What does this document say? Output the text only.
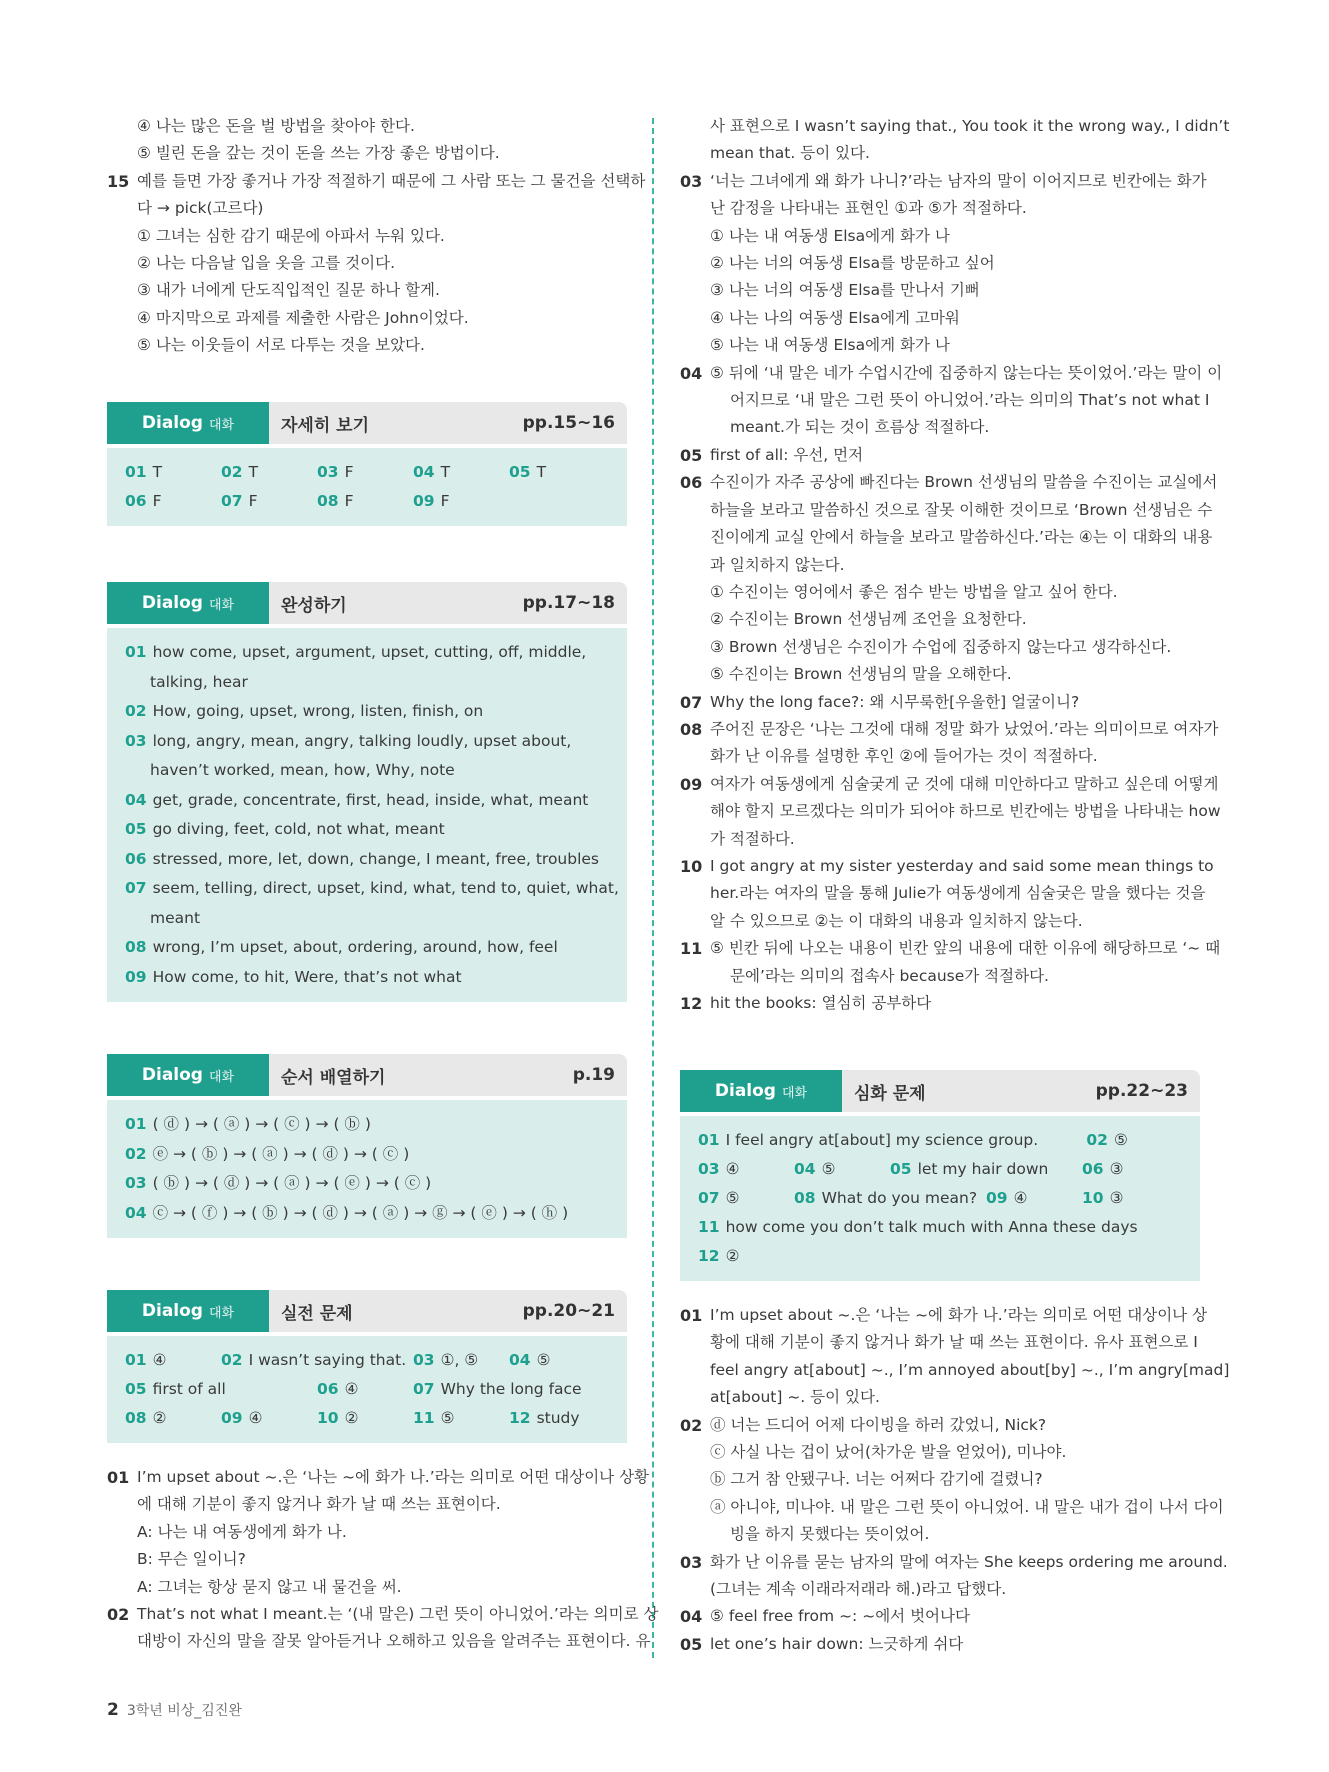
④ 나는 많은 돈을 벌 방법을 찾아야 한다.
⑤ 빌린 돈을 갚는 것이 돈을 쓰는 가장 좋은 방법이다.
15 예를 들면 가장 좋거나 가장 적절하기 때문에 그 사람 또는 그 물건을 선택하
다 → pick(고르다)
① 그녀는 심한 감기 때문에 아파서 누워 있다.
② 나는 다음날 입을 옷을 고를 것이다.
③ 내가 너에게 단도직입적인 질문 하나 할게.
④ 마지막으로 과제를 제출한 사람은 John이었다.
⑤ 나는 이웃들이 서로 다투는 것을 보았다.
Dialog 대화	자세히 보기	pp.15~16
01 T	02 T	03 F	04 T	05 T
06 F	07 F	08 F	09 F
Dialog 대화	완성하기	pp.17~18
01 how come, upset, argument, upset, cutting, off, middle,
talking, hear
02 How, going, upset, wrong, listen, finish, on
03 long, angry, mean, angry, talking loudly, upset about,
haven’t worked, mean, how, Why, note
04 get, grade, concentrate, first, head, inside, what, meant
05 go diving, feet, cold, not what, meant
06 stressed, more, let, down, change, I meant, free, troubles
07 seem, telling, direct, upset, kind, what, tend to, quiet, what,
meant
08 wrong, I’m upset, about, ordering, around, how, feel
09 How come, to hit, Were, that’s not what
Dialog 대화	순서 배열하기	p.19
01 ( ⓓ ) → ( ⓐ ) → ( ⓒ ) → ( ⓑ )
02 ⓔ → ( ⓑ ) → ( ⓐ ) → ( ⓓ ) → ( ⓒ )
03 ( ⓑ ) → ( ⓓ ) → ( ⓐ ) → ( ⓔ ) → ( ⓒ )
04 ⓒ → ( ⓕ ) → ( ⓑ ) → ( ⓓ ) → ( ⓐ ) → ⓖ → ( ⓔ ) → ( ⓗ )
Dialog 대화	실전 문제	pp.20~21
01 ④	02 I wasn’t saying that. 03 ①, ⑤	04 ⑤
05 first of all	06 ④	07 Why the long face
08 ②	09 ④	10 ②	11 ⑤	12 study
01 I’m upset about ~.은 ‘나는 ~에 화가 나.’라는 의미로 어떤 대상이나 상황
에 대해 기분이 좋지 않거나 화가 날 때 쓰는 표현이다.
A: 나는 내 여동생에게 화가 나.
B: 무슨 일이니?
A: 그녀는 항상 묻지 않고 내 물건을 써.
02 That’s not what I meant.는 ‘(내 말은) 그런 뜻이 아니었어.’라는 의미로 상
대방이 자신의 말을 잘못 알아듣거나 오해하고 있음을 알려주는 표현이다. 유
사 표현으로 I wasn’t saying that., You took it the wrong way., I didn’t
mean that. 등이 있다.
03 ‘너는 그녀에게 왜 화가 나니?’라는 남자의 말이 이어지므로 빈칸에는 화가
난 감정을 나타내는 표현인 ①과 ⑤가 적절하다.
① 나는 내 여동생 Elsa에게 화가 나
② 나는 너의 여동생 Elsa를 방문하고 싶어
③ 나는 너의 여동생 Elsa를 만나서 기뻐
④ 나는 나의 여동생 Elsa에게 고마워
⑤ 나는 내 여동생 Elsa에게 화가 나
04 ⑤ 뒤에 ‘내 말은 네가 수업시간에 집중하지 않는다는 뜻이었어.’라는 말이 이
어지므로 ‘내 말은 그런 뜻이 아니었어.’라는 의미의 That’s not what I
meant.가 되는 것이 흐름상 적절하다.
05 first of all: 우선, 먼저
06 수진이가 자주 공상에 빠진다는 Brown 선생님의 말씀을 수진이는 교실에서
하늘을 보라고 말씀하신 것으로 잘못 이해한 것이므로 ‘Brown 선생님은 수
진이에게 교실 안에서 하늘을 보라고 말씀하신다.’라는 ④는 이 대화의 내용
과 일치하지 않는다.
① 수진이는 영어에서 좋은 점수 받는 방법을 알고 싶어 한다.
② 수진이는 Brown 선생님께 조언을 요청한다.
③ Brown 선생님은 수진이가 수업에 집중하지 않는다고 생각하신다.
⑤ 수진이는 Brown 선생님의 말을 오해한다.
07 Why the long face?: 왜 시무룩한[우울한] 얼굴이니?
08 주어진 문장은 ‘나는 그것에 대해 정말 화가 났었어.’라는 의미이므로 여자가
화가 난 이유를 설명한 후인 ②에 들어가는 것이 적절하다.
09 여자가 여동생에게 심술궂게 군 것에 대해 미안하다고 말하고 싶은데 어떻게
해야 할지 모르겠다는 의미가 되어야 하므로 빈칸에는 방법을 나타내는 how
가 적절하다.
10 I got angry at my sister yesterday and said some mean things to
her.라는 여자의 말을 통해 Julie가 여동생에게 심술궂은 말을 했다는 것을
알 수 있으므로 ②는 이 대화의 내용과 일치하지 않는다.
11 ⑤ 빈칸 뒤에 나오는 내용이 빈칸 앞의 내용에 대한 이유에 해당하므로 ‘~ 때
문에’라는 의미의 접속사 because가 적절하다.
12 hit the books: 열심히 공부하다
Dialog 대화	심화 문제	pp.22~23
01 I feel angry at[about] my science group.	02 ⑤
03 ④	04 ⑤	05 let my hair down	06 ③
07 ⑤	08 What do you mean? 09 ④	10 ③
11 how come you don’t talk much with Anna these days
12 ②
01 I’m upset about ~.은 ‘나는 ~에 화가 나.’라는 의미로 어떤 대상이나 상
황에 대해 기분이 좋지 않거나 화가 날 때 쓰는 표현이다. 유사 표현으로 I
feel angry at[about] ~., I’m annoyed about[by] ~., I’m angry[mad]
at[about] ~. 등이 있다.
02 ⓓ 너는 드디어 어제 다이빙을 하러 갔었니, Nick?
ⓒ 사실 나는 겁이 났어(차가운 발을 얻었어), 미나야.
ⓑ 그거 참 안됐구나. 너는 어쩌다 감기에 걸렸니?
ⓐ 아니야, 미나야. 내 말은 그런 뜻이 아니었어. 내 말은 내가 겁이 나서 다이
빙을 하지 못했다는 뜻이었어.
03 화가 난 이유를 묻는 남자의 말에 여자는 She keeps ordering me around.
(그녀는 계속 이래라저래라 해.)라고 답했다.
04 ⑤ feel free from ~: ~에서 벗어나다
05 let one’s hair down: 느긋하게 쉬다
2 3학년 비상_김진완
